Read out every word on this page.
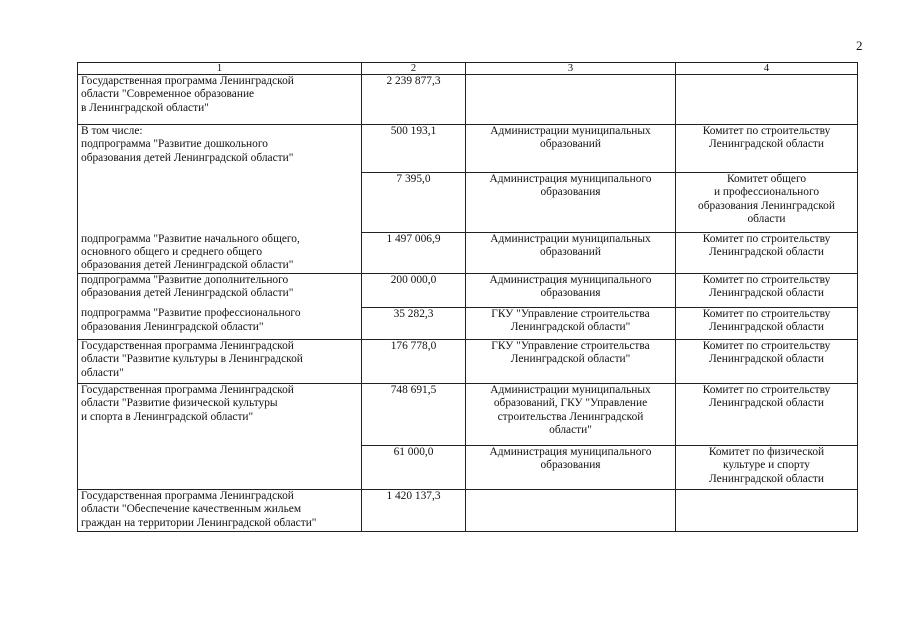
2
1	2	3	4

Государственная программа Ленинградской
области "Современное образование
в Ленинградской области"	2 239 877,3		

В том числе:
подпрограмма "Развитие дошкольного
образования детей Ленинградской области"	500 193,1	Администрации муниципальных
образований	Комитет по строительству
Ленинградской области

	7 395,0	Администрация муниципального
образования	Комитет общего
и профессионального
образования Ленинградской
области

подпрограмма "Развитие начального общего,
основного общего и среднего общего
образования детей Ленинградской области"	1 497 006,9	Администрации муниципальных
образований	Комитет по строительству
Ленинградской области

подпрограмма "Развитие дополнительного
образования детей Ленинградской области"	200 000,0	Администрация муниципального
образования	Комитет по строительству
Ленинградской области

подпрограмма "Развитие профессионального
образования Ленинградской области"	35 282,3	ГКУ "Управление строительства
Ленинградской области"	Комитет по строительству
Ленинградской области

Государственная программа Ленинградской
области "Развитие культуры в Ленинградской
области"	176 778,0	ГКУ "Управление строительства
Ленинградской области"	Комитет по строительству
Ленинградской области

Государственная программа Ленинградской
области "Развитие физической культуры
и спорта в Ленинградской области"	748 691,5	Администрации муниципальных
образований, ГКУ "Управление
строительства Ленинградской
области"	Комитет по строительству
Ленинградской области

	61 000,0	Администрация муниципального
образования	Комитет по физической
культуре и спорту
Ленинградской области

Государственная программа Ленинградской
области "Обеспечение качественным жильем
граждан на территории Ленинградской области"	1 420 137,3		
